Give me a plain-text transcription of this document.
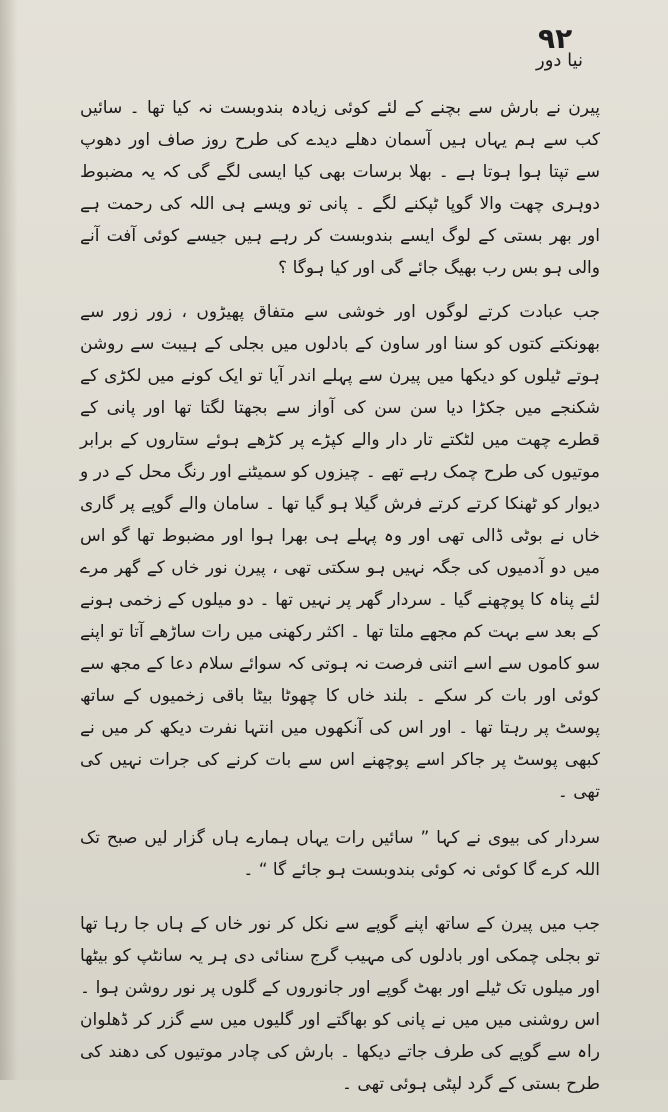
۹۲
نیا دور

پیرن نے بارش سے بچنے کے لئے کوئی زیادہ بندوبست نہ کیا تھا ۔ سائیں کب سے ہم یہاں ہیں آسمان دھلے دیدے کی طرح روز صاف اور دھوپ سے تپتا ہوا ہوتا ہے ۔ بھلا برسات بھی کیا ایسی لگے گی کہ یہ مضبوط دوہری چھت والا گوپا ٹپکنے لگے ۔ پانی تو ویسے ہی اللہ کی رحمت ہے اور بھر بستی کے لوگ ایسے بندوبست کر رہے ہیں جیسے کوئی آفت آنے والی ہو بس رب بھیگ جائے گی اور کیا ہوگا ؟

جب عبادت کرتے لوگوں اور خوشی سے متفاق پھیڑوں ، زور زور سے بھونکتے کتوں کو سنا اور ساون کے بادلوں میں بجلی کے ہیبت سے روشن ہوتے ٹیلوں کو دیکھا میں پیرن سے پہلے اندر آیا تو ایک کونے میں لکڑی کے شکنجے میں جکڑا دیا سن سن کی آواز سے بجھتا لگتا تھا اور پانی کے قطرے چھت میں لٹکتے تار دار والے کپڑے پر کڑھے ہوئے ستاروں کے برابر موتیوں کی طرح چمک رہے تھے ۔ چیزوں کو سمیٹنے اور رنگ محل کے در و دیوار کو ٹھنکا کرتے کرتے فرش گیلا ہو گیا تھا ۔ سامان والے گوپے پر گاری خاں نے بوٹی ڈالی تھی اور وہ پہلے ہی بھرا ہوا اور مضبوط تھا گو اس میں دو آدمیوں کی جگہ نہیں ہو سکتی تھی ، پیرن نور خاں کے گھر مرے لئے پناہ کا پوچھنے گیا ۔ سردار گھر پر نہیں تھا ۔ دو میلوں کے زخمی ہونے کے بعد سے بہت کم مجھے ملتا تھا ۔ اکثر رکھنی میں رات ساڑھے آتا تو اپنے سو کاموں سے اسے اتنی فرصت نہ ہوتی کہ سوائے سلام دعا کے مجھ سے کوئی اور بات کر سکے ۔ بلند خاں کا چھوٹا بیٹا باقی زخمیوں کے ساتھ پوسٹ پر رہتا تھا ۔ اور اس کی آنکھوں میں انتہا نفرت دیکھ کر میں نے کبھی پوسٹ پر جاکر اسے پوچھنے اس سے بات کرنے کی جرات نہیں کی تھی ۔

سردار کی بیوی نے کہا ” سائیں رات یہاں ہمارے ہاں گزار لیں صبح تک اللہ کرے گا کوئی نہ کوئی بندوبست ہو جائے گا “ ۔

جب میں پیرن کے ساتھ اپنے گوپے سے نکل کر نور خاں کے ہاں جا رہا تھا تو بجلی چمکی اور بادلوں کی مہیب گرج سنائی دی ہر یہ سانٹپ کو بیٹھا اور میلوں تک ٹیلے اور بھٹ گوپے اور جانوروں کے گلوں پر نور روشن ہوا ۔ اس روشنی میں میں نے پانی کو بھاگتے اور گلیوں میں سے گزر کر ڈھلوان راہ سے گوپے کی طرف جاتے دیکھا ۔ بارش کی چادر موتیوں کی دھند کی طرح بستی کے گرد لپٹی ہوئی تھی ۔
